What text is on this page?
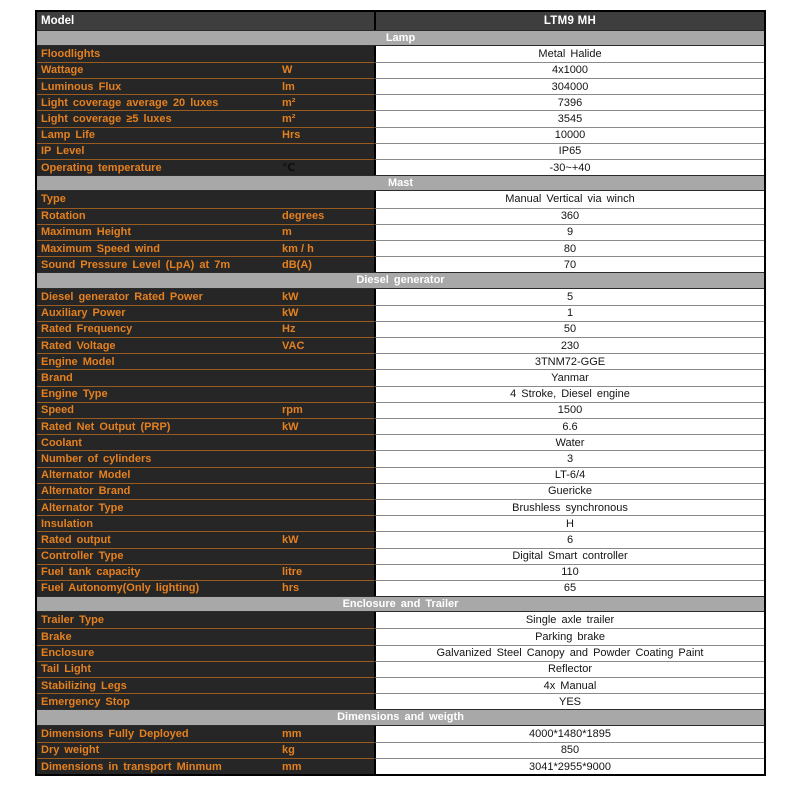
Model	LTM9 MH
Lamp
Floodlights	Metal Halide
Wattage	W	4x1000
Luminous Flux	lm	304000
Light coverage average 20 luxes	m²	7396
Light coverage ≥5 luxes	m²	3545
Lamp Life	Hrs	10000
IP Level	IP65
Operating temperature	℃	-30~+40
Mast
Type	Manual Vertical via winch
Rotation	degrees	360
Maximum Height	m	9
Maximum Speed wind	km / h	80
Sound Pressure Level (LpA) at 7m	dB(A)	70
Diesel generator
Diesel generator Rated Power	kW	5
Auxiliary Power	kW	1
Rated Frequency	Hz	50
Rated Voltage	VAC	230
Engine Model	3TNM72-GGE
Brand	Yanmar
Engine Type	4 Stroke, Diesel engine
Speed	rpm	1500
Rated Net Output (PRP)	kW	6.6
Coolant	Water
Number of cylinders	3
Alternator Model	LT-6/4
Alternator Brand	Guericke
Alternator Type	Brushless synchronous
Insulation	H
Rated output	kW	6
Controller Type	Digital Smart controller
Fuel tank capacity	litre	110
Fuel Autonomy(Only lighting)	hrs	65
Enclosure and Trailer
Trailer Type	Single axle trailer
Brake	Parking brake
Enclosure	Galvanized Steel Canopy and Powder Coating Paint
Tail Light	Reflector
Stabilizing Legs	4x Manual
Emergency Stop	YES
Dimensions and weigth
Dimensions Fully Deployed	mm	4000*1480*1895
Dry weight	kg	850
Dimensions in transport Minmum	mm	3041*2955*9000
